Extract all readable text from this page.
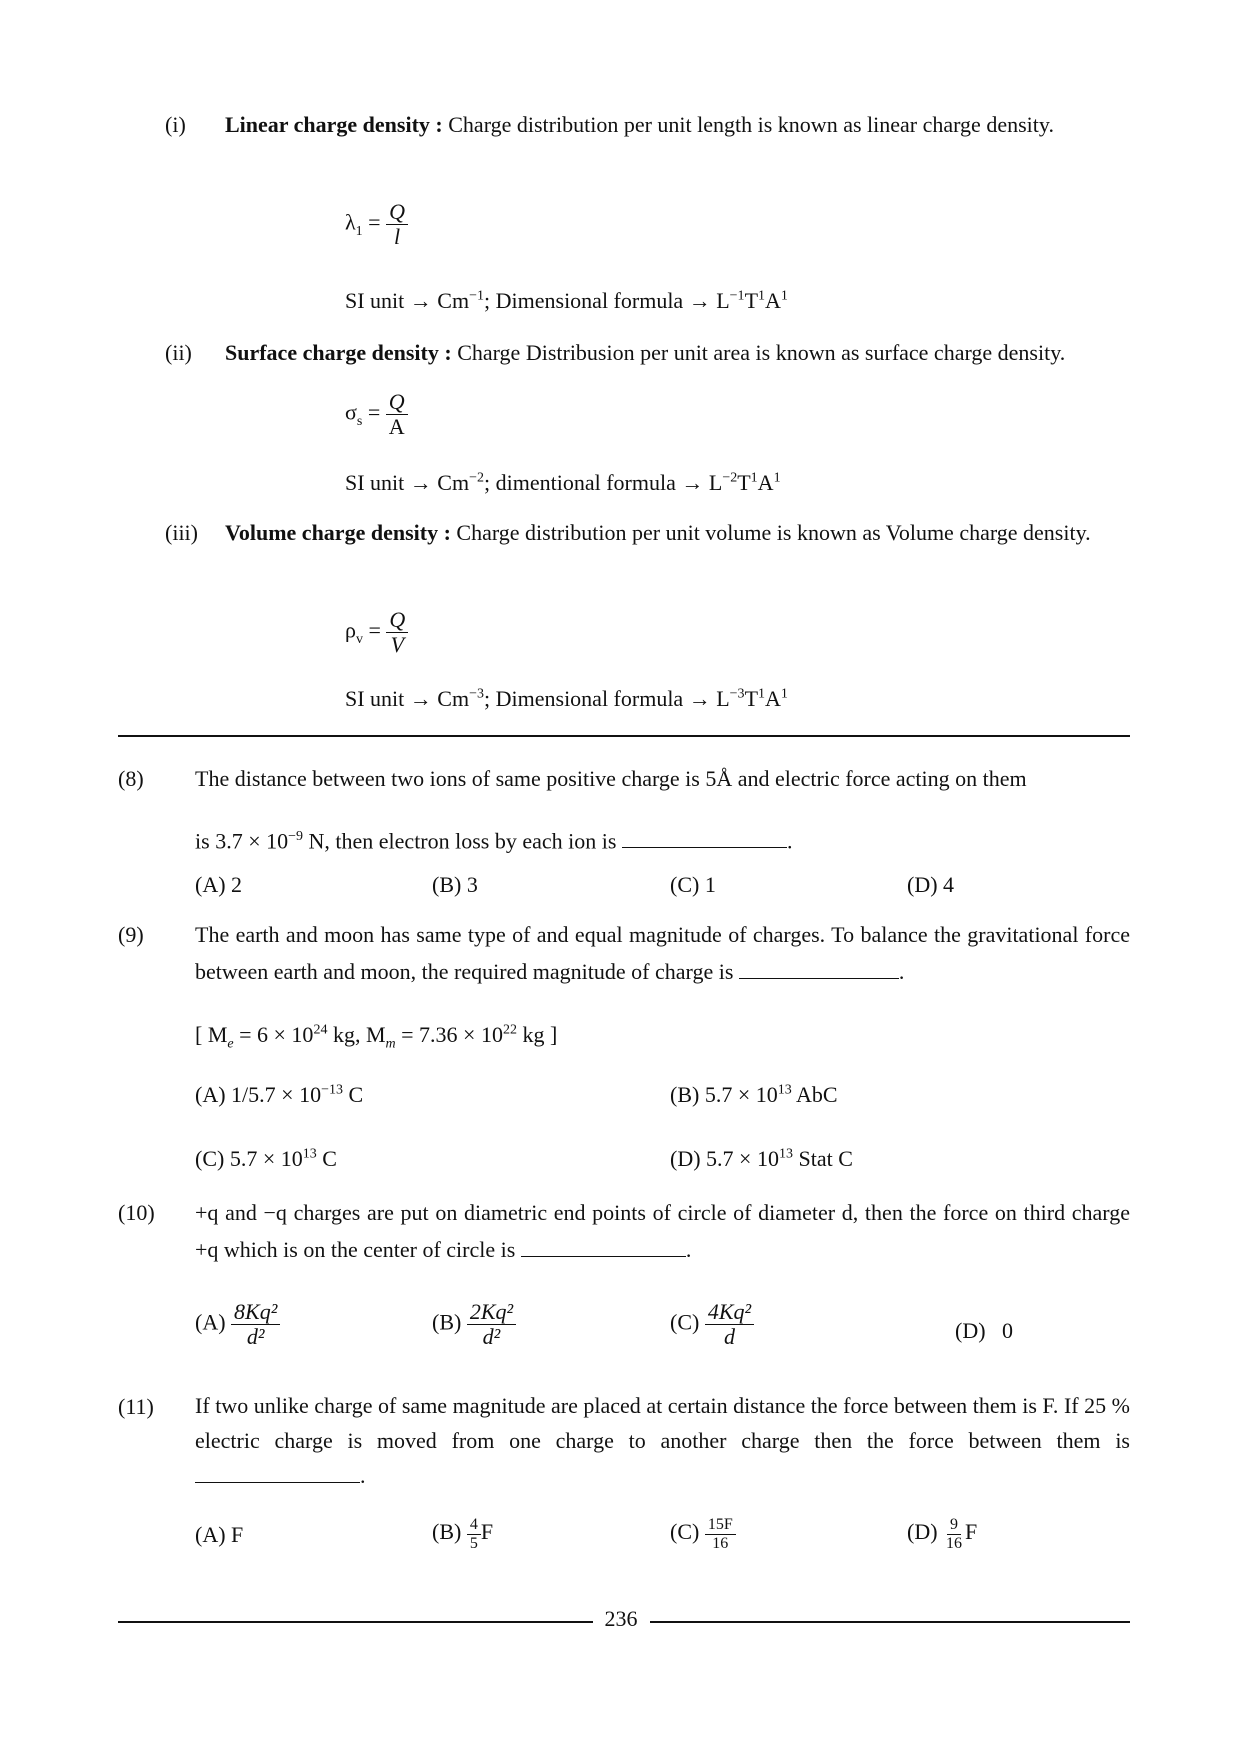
(i) Linear charge density : Charge distribution per unit length is known as linear charge density.
$\lambda_1 = \frac{Q}{l}$
SI unit → $Cm^{-1}$; Dimensional formula → $L^{-1}T^1A^1$
(ii) Surface charge density : Charge Distribusion per unit area is known as surface charge density.
$\sigma_s = \frac{Q}{A}$
SI unit → $Cm^{-2}$; dimentional formula → $L^{-2}T^1A^1$
(iii) Volume charge density : Charge distribution per unit volume is known as Volume charge density.
$\rho_v = \frac{Q}{V}$
SI unit → $Cm^{-3}$; Dimensional formula → $L^{-3}T^1A^1$
(8) The distance between two ions of same positive charge is 5Å and electric force acting on them
is $3.7 \times 10^{-9}$ N, then electron loss by each ion is	.
(A) 2	(B) 3	(C) 1	(D) 4
(9) The earth and moon has same type of and equal magnitude of charges. To balance the gravitational force between earth and moon, the required magnitude of charge is	.
[ $M_e = 6 \times 10^{24}$ kg, $M_m = 7.36 \times 10^{22}$ kg ]
(A) $1/5.7 \times 10^{-13}$ C	(B) $5.7 \times 10^{13}$ AbC
(C) $5.7 \times 10^{13}$ C	(D) $5.7 \times 10^{13}$ Stat C
(10) +q and −q charges are put on diametric end points of circle of diameter d, then the force on third charge +q which is on the center of circle is	.
$(A) \frac{\text{8Kq²}}{\text{d²}}$	$(B) \frac{\text{2Kq²}}{\text{d²}}$	$(C) \frac{\text{4Kq²}}{d}$	(D) 0
(11) If two unlike charge of same magnitude are placed at certain distance the force between them is F. If 25 % electric charge is moved from one charge to another charge then the force between them is .
(A) F	$(B) \frac{4}{5}$ F	$(C) \frac{15F}{16}$	$(D) \frac{9}{16}$ F
236
